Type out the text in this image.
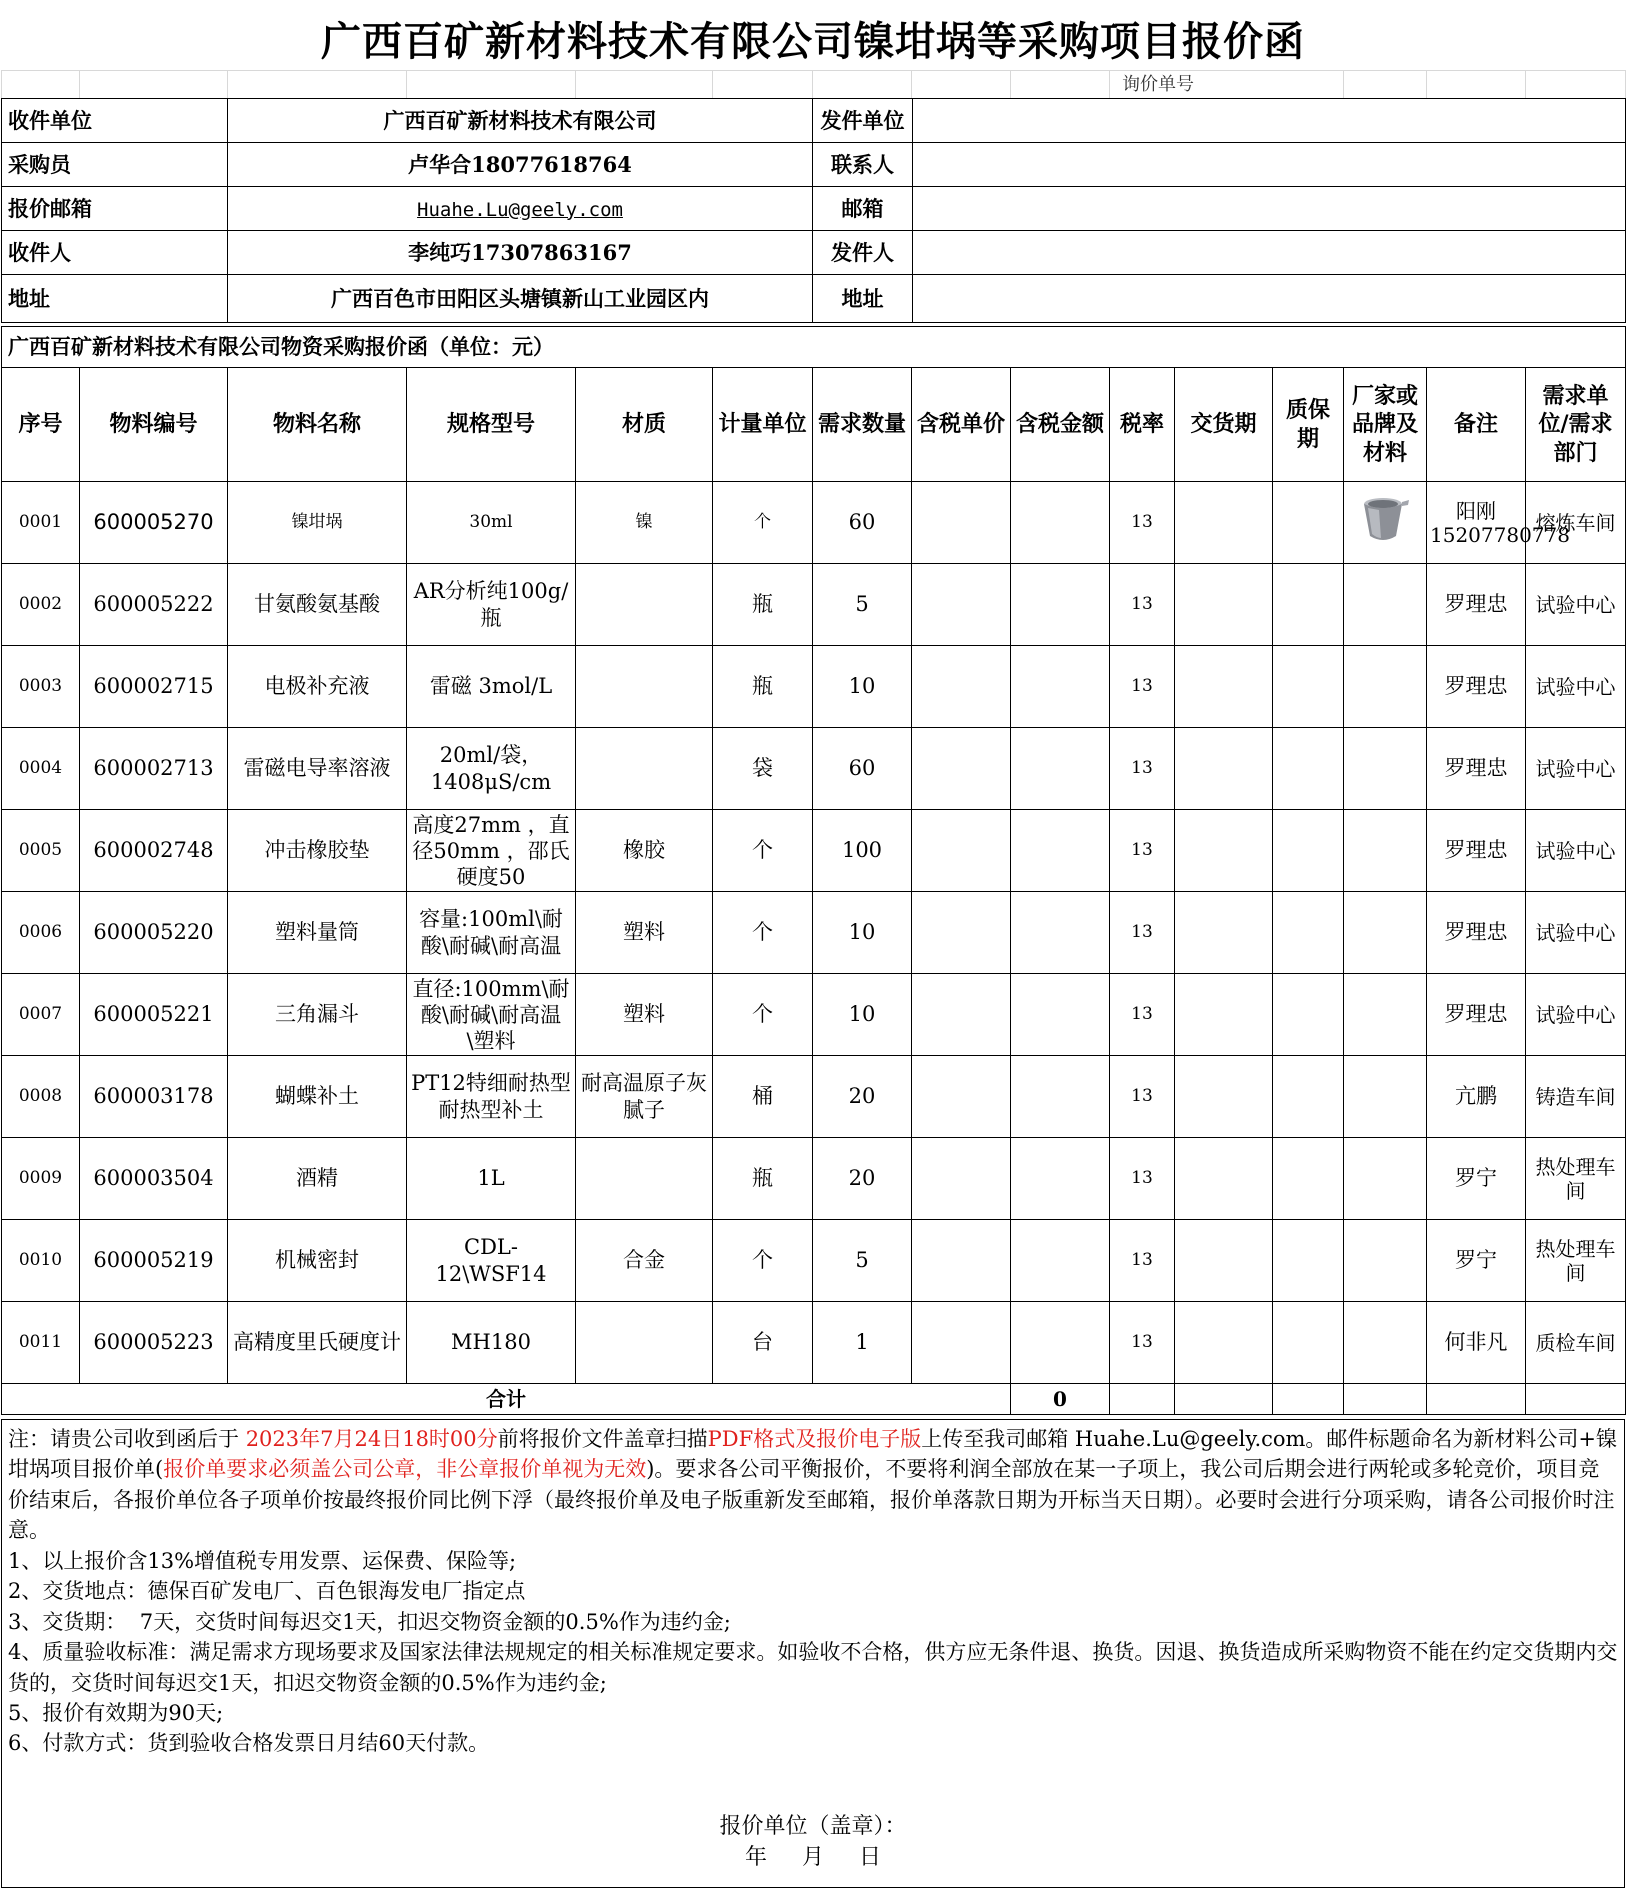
广西百矿新材料技术有限公司镍坩埚等采购项目报价函
									询价单号			
收件单位	广西百矿新材料技术有限公司	发件单位	
采购员	卢华合18077618764	联系人	
报价邮箱	Huahe.Lu@geely.com	邮箱	
收件人	李纯巧17307863167	发件人	
地址	广西百色市田阳区头塘镇新山工业园区内	地址	
广西百矿新材料技术有限公司物资采购报价函（单位：元）														
序号	物料编号	物料名称	规格型号	材质	计量单位	需求数量	含税单价	含税金额	税率	交货期	质保期	厂家或品牌及材料	备注	需求单位/需求部门

0001	600005270	镍坩埚	30ml	镍	个	60			13				阳刚15207780778	熔炼车间

0002	600005222	甘氨酸氨基酸	AR分析纯100g/瓶		瓶	5			13				罗理忠	试验中心

0003	600002715	电极补充液	雷磁 3mol/L		瓶	10			13				罗理忠	试验中心

0004	600002713	雷磁电导率溶液	20ml/袋，1408μS/cm		袋	60			13				罗理忠	试验中心

0005	600002748	冲击橡胶垫	高度27mm ，直径50mm ，邵氏硬度50	橡胶	个	100			13				罗理忠	试验中心

0006	600005220	塑料量筒	容量:100ml\耐酸\耐碱\耐高温	塑料	个	10			13				罗理忠	试验中心

0007	600005221	三角漏斗	直径:100mm\耐酸\耐碱\耐高温\塑料	塑料	个	10			13				罗理忠	试验中心

0008	600003178	蝴蝶补土	PT12特细耐热型耐热型补土	耐高温原子灰腻子	桶	20			13				亢鹏	铸造车间

0009	600003504	酒精	1L		瓶	20			13				罗宁	热处理车间

0010	600005219	机械密封	CDL-12\WSF14	合金	个	5			13				罗宁	热处理车间

0011	600005223	高精度里氏硬度计	MH180		台	1			13				何非凡	质检车间

合计								0						

注：请贵公司收到函后于 2023年7月24日18时00分前将报价文件盖章扫描PDF格式及报价电子版上传至我司邮箱 Huahe.Lu@geely.com。邮件标题命名为新材料公司+镍坩埚项目报价单(报价单要求必须盖公司公章，非公章报价单视为无效)。要求各公司平衡报价，不要将利润全部放在某一子项上，我公司后期会进行两轮或多轮竞价，项目竞价结束后，各报价单位各子项单价按最终报价同比例下浮（最终报价单及电子版重新发至邮箱，报价单落款日期为开标当天日期）。必要时会进行分项采购，请各公司报价时注意。

1、以上报价含13%增值税专用发票、运保费、保险等;

2、交货地点：德保百矿发电厂、百色银海发电厂指定点

3、交货期：  7天，交货时间每迟交1天，扣迟交物资金额的0.5%作为违约金;

4、质量验收标准：满足需求方现场要求及国家法律法规规定的相关标准规定要求。如验收不合格，供方应无条件退、换货。因退、换货造成所采购物资不能在约定交货期内交货的，交货时间每迟交1天，扣迟交物资金额的0.5%作为违约金;

5、报价有效期为90天;

6、付款方式：货到验收合格发票日月结60天付款。

报价单位（盖章）：
年     月     日
